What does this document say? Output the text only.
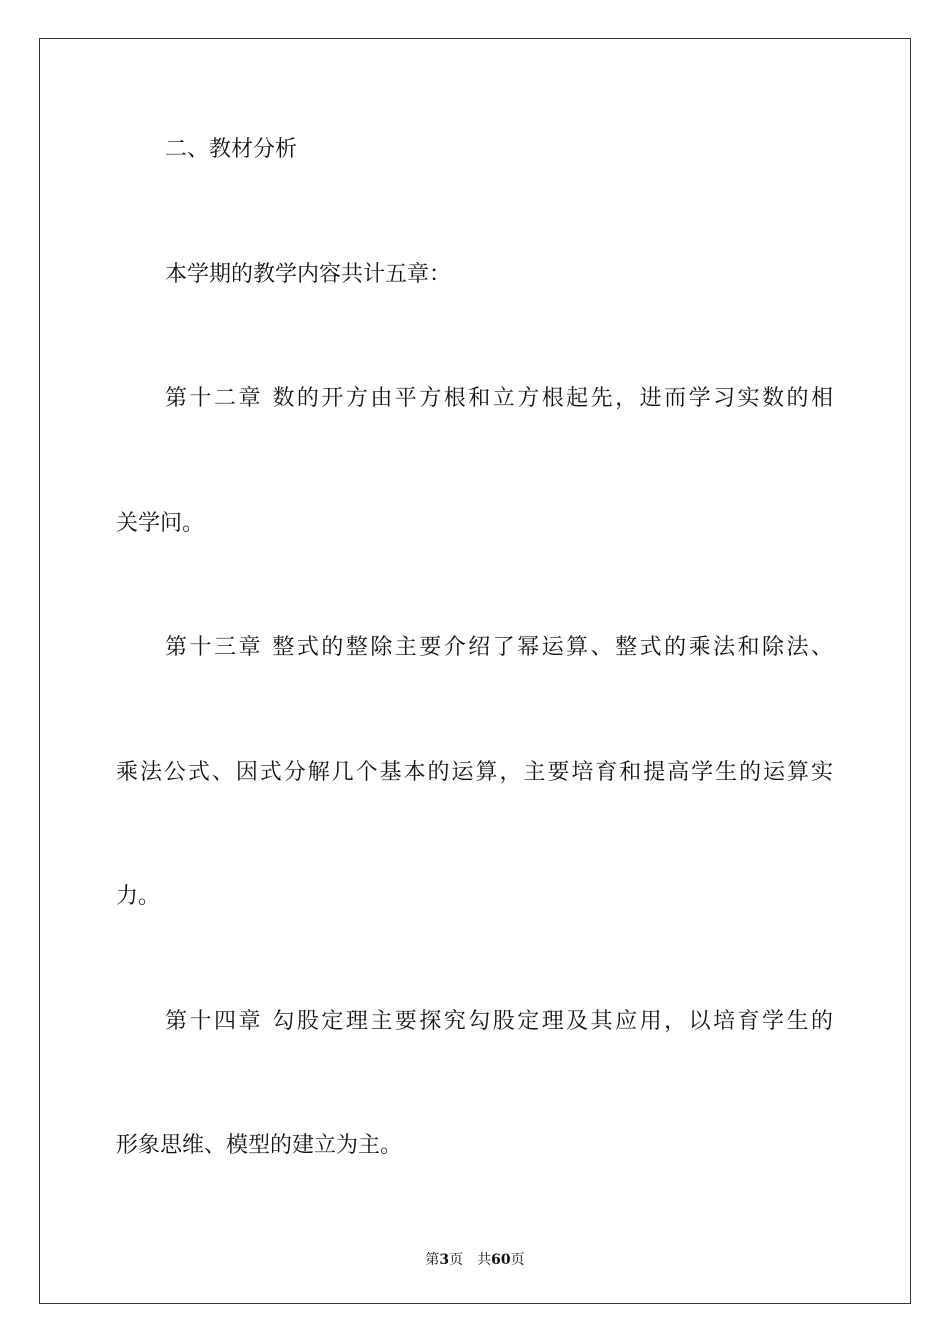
二、教材分析
本学期的教学内容共计五章：
第十二章 数的开方由平方根和立方根起先，进而学习实数的相
关学问。
第十三章 整式的整除主要介绍了幂运算、整式的乘法和除法、
乘法公式、因式分解几个基本的运算，主要培育和提高学生的运算实
力。
第十四章 勾股定理主要探究勾股定理及其应用，以培育学生的
形象思维、模型的建立为主。
第3页 共60页
